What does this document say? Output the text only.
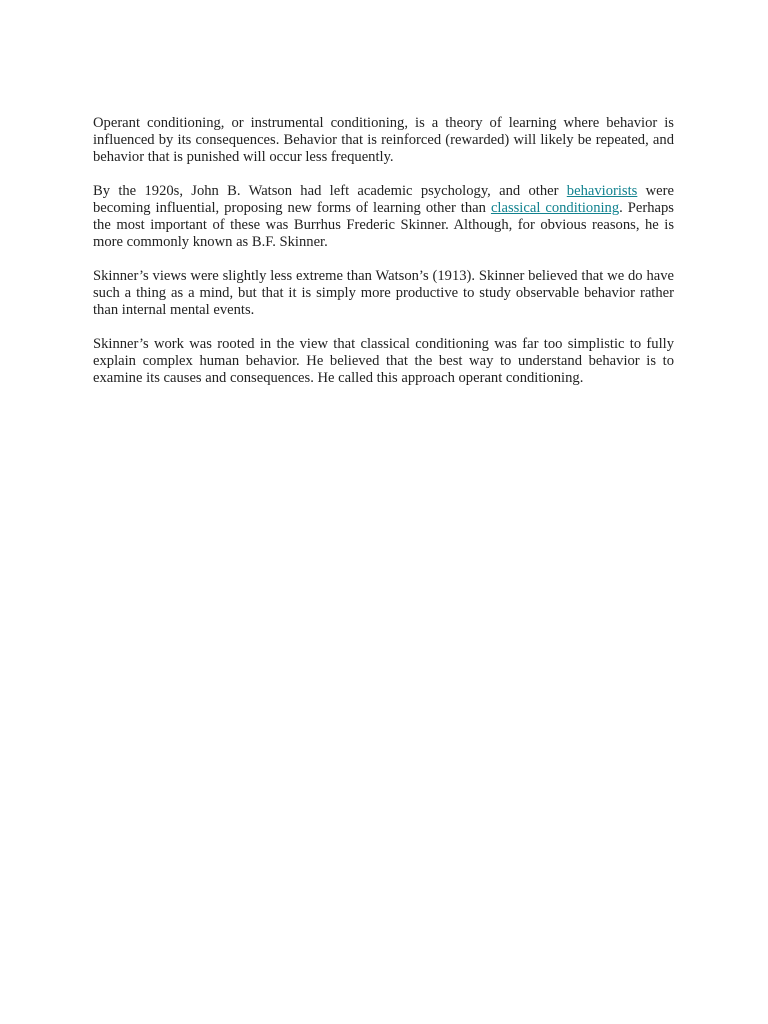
Operant conditioning, or instrumental conditioning, is a theory of learning where behavior is influenced by its consequences. Behavior that is reinforced (rewarded) will likely be repeated, and behavior that is punished will occur less frequently.

By the 1920s, John B. Watson had left academic psychology, and other behaviorists were becoming influential, proposing new forms of learning other than classical conditioning. Perhaps the most important of these was Burrhus Frederic Skinner. Although, for obvious reasons, he is more commonly known as B.F. Skinner.

Skinner’s views were slightly less extreme than Watson’s (1913). Skinner believed that we do have such a thing as a mind, but that it is simply more productive to study observable behavior rather than internal mental events.

Skinner’s work was rooted in the view that classical conditioning was far too simplistic to fully explain complex human behavior. He believed that the best way to understand behavior is to examine its causes and consequences. He called this approach operant conditioning.
